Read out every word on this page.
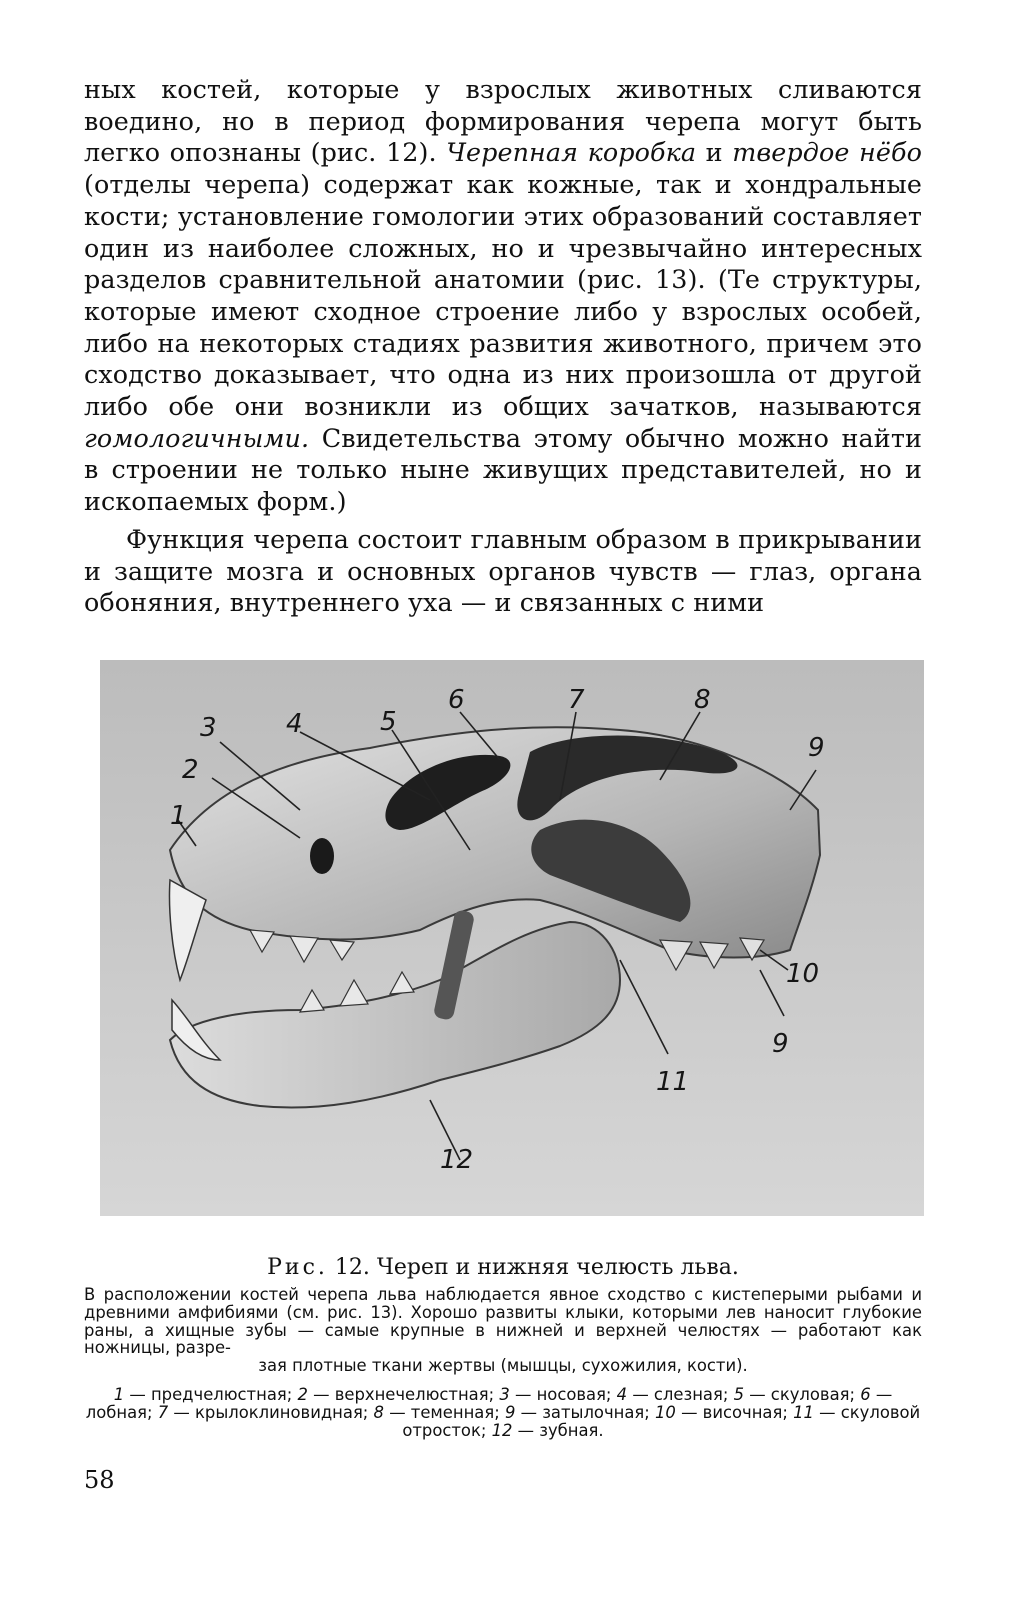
ных костей, которые у взрослых животных сливаются воедино, но в период формирования черепа могут быть легко опознаны (рис. 12). Черепная коробка и твердое нёбо (отделы черепа) содержат как кожные, так и хондральные кости; установление гомологии этих образований составляет один из наиболее сложных, но и чрезвычайно интересных разделов сравнительной анатомии (рис. 13). (Те структуры, которые имеют сходное строение либо у взрослых особей, либо на некоторых стадиях развития животного, причем это сходство доказывает, что одна из них произошла от другой либо обе они возникли из общих зачатков, называются гомологичными. Свидетельства этому обычно можно найти в строении не только ныне живущих представителей, но и ископаемых форм.)

Функция черепа состоит главным образом в прикрывании и защите мозга и основных органов чувств — глаз, органа обоняния, внутреннего уха — и связанных с ними

1
2
3	4	5
6	7	8
9
10
9
11
12
Рис. 12. Череп и нижняя челюсть льва.

В расположении костей черепа льва наблюдается явное сходство с кистеперыми рыбами и древними амфибиями (см. рис. 13). Хорошо развиты клыки, которыми лев наносит глубокие раны, а хищные зубы — самые крупные в нижней и верхней челюстях — работают как ножницы, разре-

зая плотные ткани жертвы (мышцы, сухожилия, кости).

1 — предчелюстная; 2 — верхнечелюстная; 3 — носовая; 4 — слезная; 5 — скуловая; 6 — лобная; 7 — крылоклиновидная; 8 — теменная; 9 — затылочная; 10 — височная; 11 — скуловой отросток; 12 — зубная.
58
